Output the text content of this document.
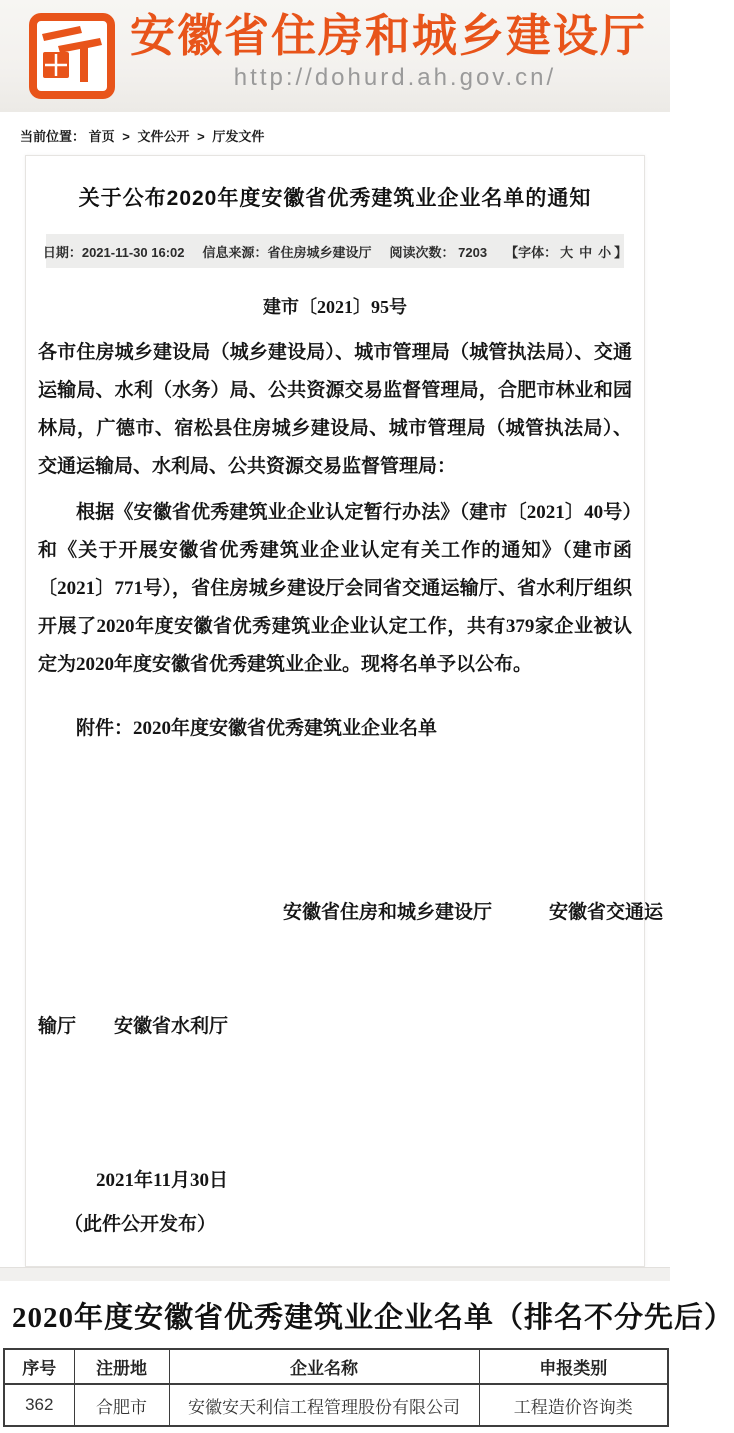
安徽省住房和城乡建设厅
http://dohurd.ah.gov.cn/
当前位置： 首页 > 文件公开 > 厅发文件
关于公布2020年度安徽省优秀建筑业企业名单的通知
日期：2021-11-30 16:02 信息来源：省住房城乡建设厅 阅读次数： 7203 【字体： 大 中 小 】
建市〔2021〕95号

各市住房城乡建设局（城乡建设局）、城市管理局（城管执法局）、交通运输局、水利（水务）局、公共资源交易监督管理局，合肥市林业和园林局，广德市、宿松县住房城乡建设局、城市管理局（城管执法局）、交通运输局、水利局、公共资源交易监督管理局：

根据《安徽省优秀建筑业企业认定暂行办法》（建市〔2021〕40号）和《关于开展安徽省优秀建筑业企业认定有关工作的通知》（建市函〔2021〕771号），省住房城乡建设厅会同省交通运输厅、省水利厅组织开展了2020年度安徽省优秀建筑业企业认定工作，共有379家企业被认定为2020年度安徽省优秀建筑业企业。现将名单予以公布。

附件：2020年度安徽省优秀建筑业企业名单

安徽省住房和城乡建设厅　　　安徽省交通运

输厅　　安徽省水利厅

2021年11月30日
（此件公开发布）
2020年度安徽省优秀建筑业企业名单（排名不分先后）
序号	注册地	企业名称	申报类别
362	合肥市	安徽安天利信工程管理股份有限公司	工程造价咨询类
